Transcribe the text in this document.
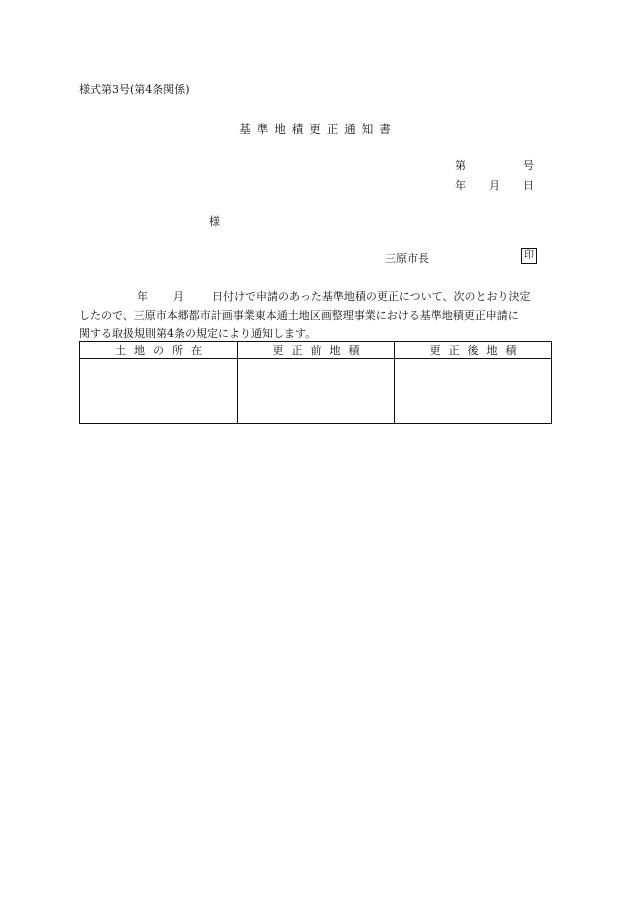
様式第3号(第4条関係)
基準地積更正通知書
第	号
年 月 日
様
三原市長	印
年 月	日付けで申請のあった基準地積の更正について、次のとおり決定
したので、三原市本郷都市計画事業東本通土地区画整理事業における基準地積更正申請に
関する取扱規則第4条の規定により通知します。
土地の所在	更正前地積	更正後地積
